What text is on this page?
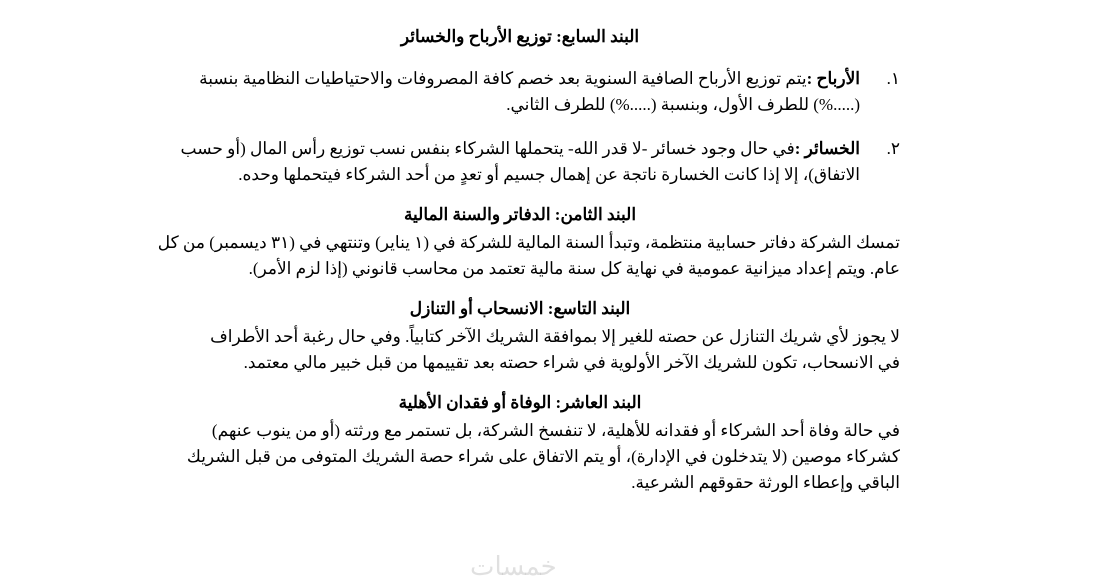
البند السابع: توزيع الأرباح والخسائر

١.
الأرباح :يتم توزيع الأرباح الصافية السنوية بعد خصم كافة المصروفات والاحتياطيات النظامية بنسبة
(.....%) للطرف الأول، وبنسبة (.....%) للطرف الثاني.
٢.
الخسائر :في حال وجود خسائر -لا قدر الله- يتحملها الشركاء بنفس نسب توزيع رأس المال (أو حسب
الاتفاق)، إلا إذا كانت الخسارة ناتجة عن إهمال جسيم أو تعدٍ من أحد الشركاء فيتحملها وحده.

البند الثامن: الدفاتر والسنة المالية

تمسك الشركة دفاتر حسابية منتظمة، وتبدأ السنة المالية للشركة في (١ يناير) وتنتهي في (٣١ ديسمبر) من كل
عام. ويتم إعداد ميزانية عمومية في نهاية كل سنة مالية تعتمد من محاسب قانوني (إذا لزم الأمر).

البند التاسع: الانسحاب أو التنازل

لا يجوز لأي شريك التنازل عن حصته للغير إلا بموافقة الشريك الآخر كتابياً. وفي حال رغبة أحد الأطراف
في الانسحاب، تكون للشريك الآخر الأولوية في شراء حصته بعد تقييمها من قبل خبير مالي معتمد.

البند العاشر: الوفاة أو فقدان الأهلية

في حالة وفاة أحد الشركاء أو فقدانه للأهلية، لا تنفسخ الشركة، بل تستمر مع ورثته (أو من ينوب عنهم)
كشركاء موصين (لا يتدخلون في الإدارة)، أو يتم الاتفاق على شراء حصة الشريك المتوفى من قبل الشريك
الباقي وإعطاء الورثة حقوقهم الشرعية.
خمسات
